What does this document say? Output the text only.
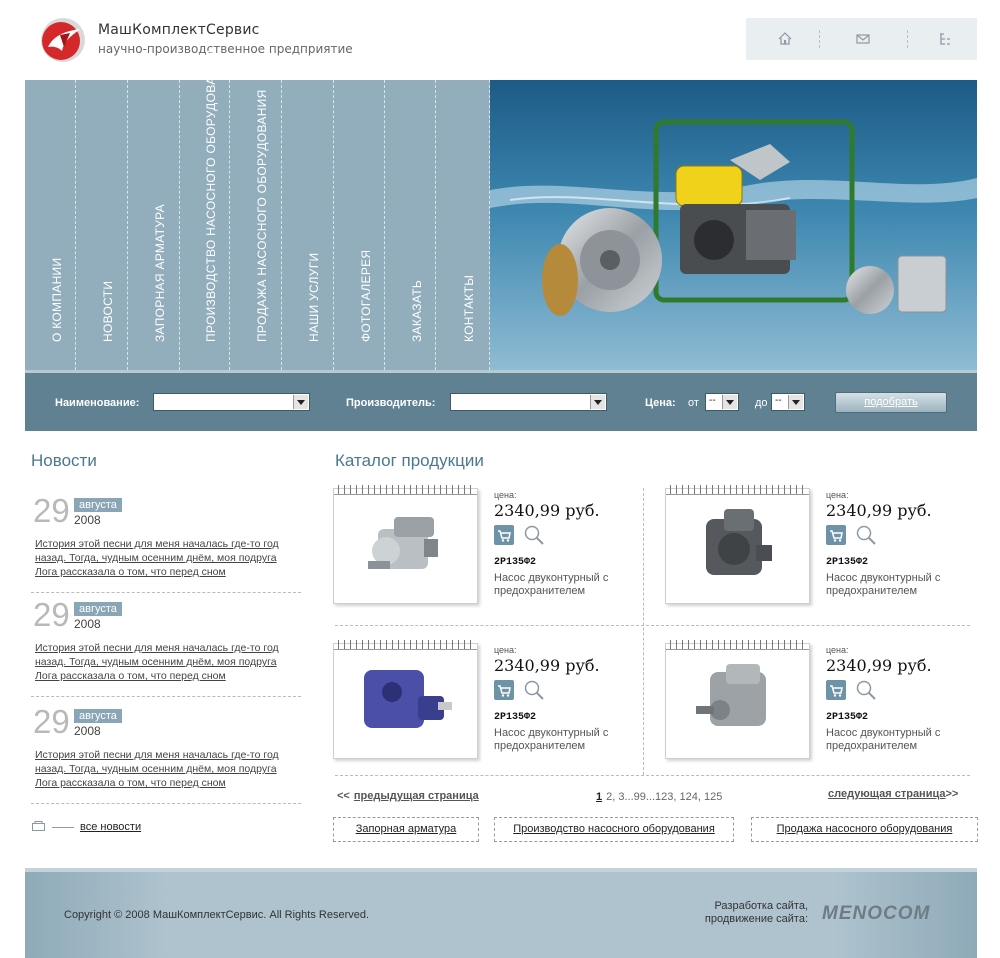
МашКомплектСервис
научно-производственное предприятие
О КОМПАНИИ	НОВОСТИ	ЗАПОРНАЯ АРМАТУРА	ПРОИЗВОДСТВО НАСОСНОГО ОБОРУДОВАНИЯ	ПРОДАЖА НАСОСНОГО ОБОРУДОВАНИЯ	НАШИ УСЛУГИ	ФОТОГАЛЕРЕЯ	ЗАКАЗАТЬ	КОНТАКТЫ
Наименование:	Производитель:	Цена: от --	до --	подобрать
Новости
29 августа
2008
История этой песни для меня началась где-то год назад. Тогда, чудным осенним днём, моя подруга Лога рассказала о том, что перед сном
29 августа
2008
История этой песни для меня началась где-то год назад. Тогда, чудным осенним днём, моя подруга Лога рассказала о том, что перед сном
29 августа
2008
История этой песни для меня началась где-то год назад. Тогда, чудным осенним днём, моя подруга Лога рассказала о том, что перед сном
все новости
Каталог продукции
цена:
2340,99 руб.
2Р135Ф2
Насос двуконтурный с предохранителем
цена:
2340,99 руб.
2Р135Ф2
Насос двуконтурный с предохранителем
цена:
2340,99 руб.
2Р135Ф2
Насос двуконтурный с предохранителем
цена:
2340,99 руб.
2Р135Ф2
Насос двуконтурный с предохранителем
<< предыдущая страница	1 2, 3...99...123, 124, 125	следующая страница>>
Запорная арматура	Производство насосного оборудования	Продажа насосного оборудования
Copyright © 2008 МашКомплектСервис. All Rights Reserved.
Разработка сайта,
продвижение сайта: MENOCOM
